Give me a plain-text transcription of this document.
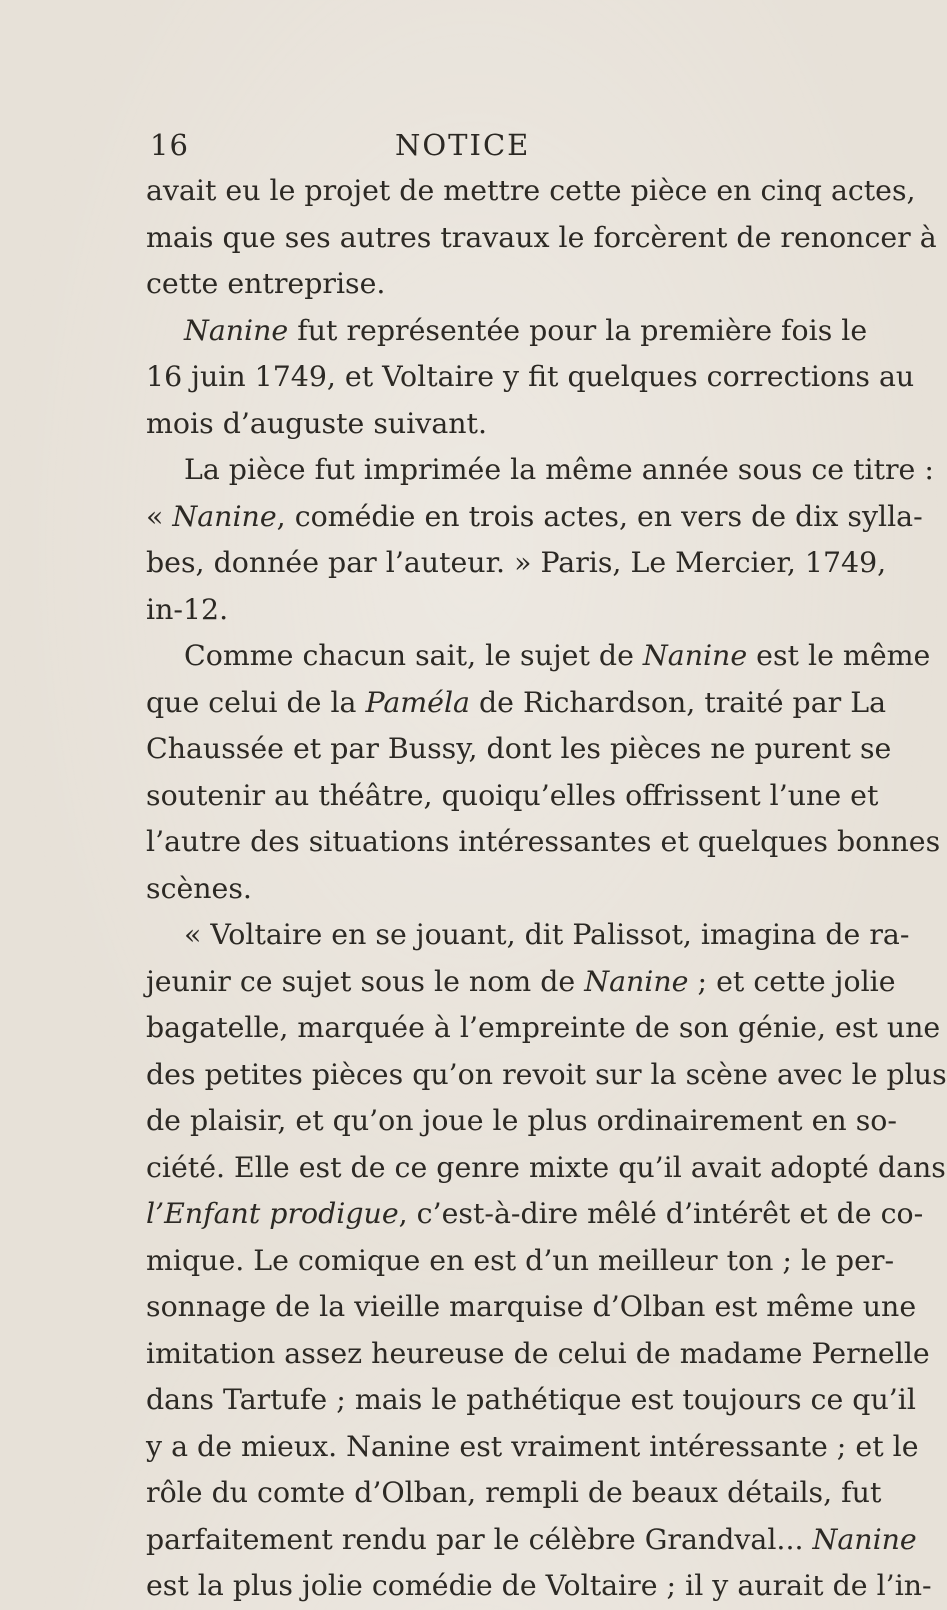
16	NOTICE
avait eu le projet de mettre cette pièce en cinq actes,
mais que ses autres travaux le forcèrent de renoncer à
cette entreprise.
Nanine fut représentée pour la première fois le
16 juin 1749, et Voltaire y fit quelques corrections au
mois d’auguste suivant.
La pièce fut imprimée la même année sous ce titre :
« Nanine, comédie en trois actes, en vers de dix sylla-
bes, donnée par l’auteur. » Paris, Le Mercier, 1749,
in-12.
Comme chacun sait, le sujet de Nanine est le même
que celui de la Paméla de Richardson, traité par La
Chaussée et par Bussy, dont les pièces ne purent se
soutenir au théâtre, quoiqu’elles offrissent l’une et
l’autre des situations intéressantes et quelques bonnes
scènes.
« Voltaire en se jouant, dit Palissot, imagina de ra-
jeunir ce sujet sous le nom de Nanine ; et cette jolie
bagatelle, marquée à l’empreinte de son génie, est une
des petites pièces qu’on revoit sur la scène avec le plus
de plaisir, et qu’on joue le plus ordinairement en so-
ciété. Elle est de ce genre mixte qu’il avait adopté dans
l’Enfant prodigue, c’est-à-dire mêlé d’intérêt et de co-
mique. Le comique en est d’un meilleur ton ; le per-
sonnage de la vieille marquise d’Olban est même une
imitation assez heureuse de celui de madame Pernelle
dans Tartufe ; mais le pathétique est toujours ce qu’il
y a de mieux. Nanine est vraiment intéressante ; et le
rôle du comte d’Olban, rempli de beaux détails, fut
parfaitement rendu par le célèbre Grandval... Nanine
est la plus jolie comédie de Voltaire ; il y aurait de l’in-
